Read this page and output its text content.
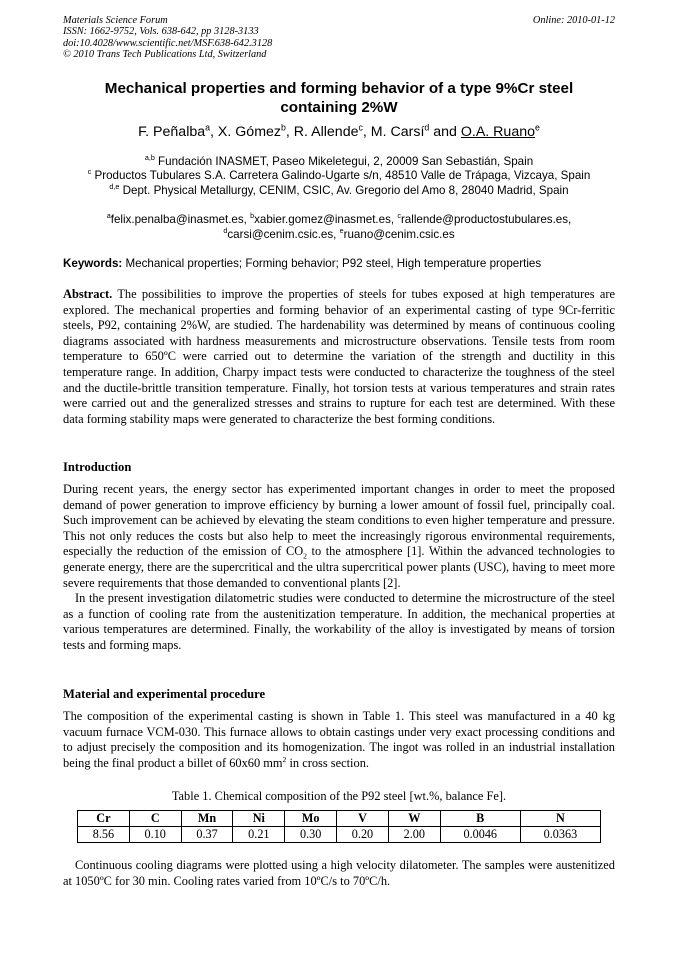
Materials Science Forum
ISSN: 1662-9752, Vols. 638-642, pp 3128-3133
doi:10.4028/www.scientific.net/MSF.638-642.3128
© 2010 Trans Tech Publications Ltd, Switzerland
Online: 2010-01-12
Mechanical properties and forming behavior of a type 9%Cr steel
containing 2%W
F. Peñalba$^a$, X. Gómez$^b$, R. Allende$^c$, M. Carsí$^d$ and O.A. Ruano$^e$
$^{a,b}$ Fundación INASMET, Paseo Mikeletegui, 2, 20009 San Sebastián, Spain
$^c$ Productos Tubulares S.A. Carretera Galindo-Ugarte s/n, 48510 Valle de Trápaga, Vizcaya, Spain
$^{d,e}$ Dept. Physical Metallurgy, CENIM, CSIC, Av. Gregorio del Amo 8, 28040 Madrid, Spain
$^a$felix.penalba@inasmet.es, $^b$xabier.gomez@inasmet.es, $^c$rallende@productostubulares.es,
$^d$carsi@cenim.csic.es, $^e$ruano@cenim.csic.es
Keywords: Mechanical properties; Forming behavior; P92 steel, High temperature properties
Abstract. The possibilities to improve the properties of steels for tubes exposed at high temperatures are explored. The mechanical properties and forming behavior of an experimental casting of type 9Cr-ferritic steels, P92, containing 2%W, are studied. The hardenability was determined by means of continuous cooling diagrams associated with hardness measurements and microstructure observations. Tensile tests from room temperature to 650ºC were carried out to determine the variation of the strength and ductility in this temperature range. In addition, Charpy impact tests were conducted to characterize the toughness of the steel and the ductile-brittle transition temperature. Finally, hot torsion tests at various temperatures and strain rates were carried out and the generalized stresses and strains to rupture for each test are determined. With these data forming stability maps were generated to characterize the best forming conditions.
Introduction
During recent years, the energy sector has experimented important changes in order to meet the proposed demand of power generation to improve efficiency by burning a lower amount of fossil fuel, principally coal. Such improvement can be achieved by elevating the steam conditions to even higher temperature and pressure. This not only reduces the costs but also help to meet the increasingly rigorous environmental requirements, especially the reduction of the emission of $CO_2$ to the atmosphere [1]. Within the advanced technologies to generate energy, there are the supercritical and the ultra supercritical power plants (USC), having to meet more severe requirements that those demanded to conventional plants [2].
In the present investigation dilatometric studies were conducted to determine the microstructure of the steel as a function of cooling rate from the austenitization temperature. In addition, the mechanical properties at various temperatures are determined. Finally, the workability of the alloy is investigated by means of torsion tests and forming maps.
Material and experimental procedure
The composition of the experimental casting is shown in Table 1. This steel was manufactured in a 40 kg vacuum furnace VCM-030. This furnace allows to obtain castings under very exact processing conditions and to adjust precisely the composition and its homogenization. The ingot was rolled in an industrial installation being the final product a billet of 60x60 $mm^2$ in cross section.
Table 1. Chemical composition of the P92 steel [wt.%, balance Fe].
Cr	C	Mn	Ni	Mo	V	W	B	N
8.56	0.10	0.37	0.21	0.30	0.20	2.00	0.0046	0.0363
Continuous cooling diagrams were plotted using a high velocity dilatometer. The samples were austenitized at 1050ºC for 30 min. Cooling rates varied from 10ºC/s to 70ºC/h.
